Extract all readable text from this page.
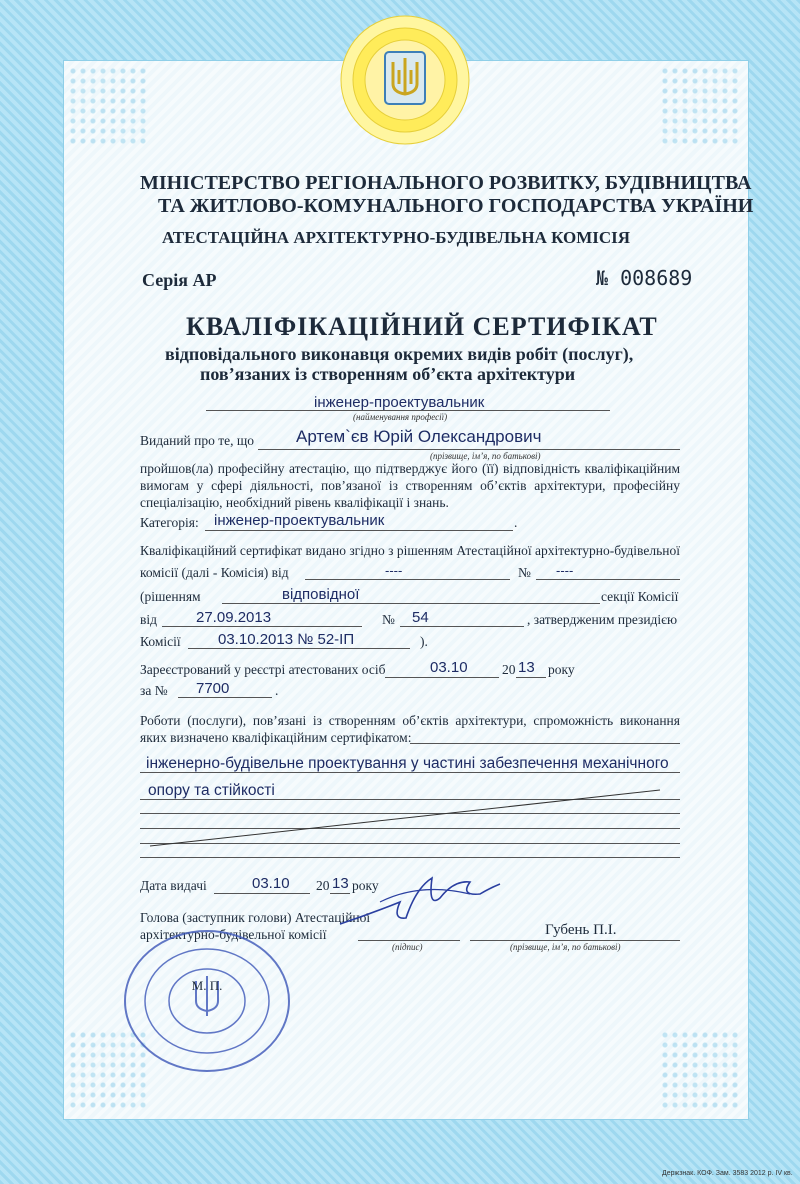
МІНІСТЕРСТВО РЕГІОНАЛЬНОГО РОЗВИТКУ, БУДІВНИЦТВА
ТА ЖИТЛОВО-КОМУНАЛЬНОГО ГОСПОДАРСТВА УКРАЇНИ
АТЕСТАЦІЙНА АРХІТЕКТУРНО-БУДІВЕЛЬНА КОМІСІЯ
Серія АР	№ 008689
КВАЛІФІКАЦІЙНИЙ СЕРТИФІКАТ
відповідального виконавця окремих видів робіт (послуг),
пов’язаних із створенням об’єкта архітектури
інженер-проектувальник
(найменування професії)
Виданий про те, що Артем`єв Юрій Олександрович
(прізвище, ім’я, по батькові)

пройшов(ла) професійну атестацію, що підтверджує його (її) відповідність кваліфікаційним вимогам у сфері діяльності, пов’язаної із створенням об’єктів архітектури, професійну спеціалізацію, необхідний рівень кваліфікації і знань.

Категорія: інженер-проектувальник	.
Кваліфікаційний сертифікат видано згідно з рішенням Атестаційної архітектурно-будівельної
комісії (далі - Комісія) від	----	№ ----
(рішенням	відповідної	секції Комісії
від	27.09.2013	№ 54	, затвердженим президією
Комісії 03.10.2013 № 52-ІП	).
Зареєстрований у реєстрі атестованих осіб	03.10	20 13 року
за № 7700	.

Роботи (послуги), пов’язані із створенням об’єктів архітектури, спроможність виконання яких визначено кваліфікаційним сертифікатом:

інженерно-будівельне проектування у частині забезпечення механічного
опору та стійкості
Дата видачі	03.10 20 13 року
Голова (заступник голови) Атестаційної
архітектурно-будівельної комісії
(підпис)
Губень П.І.
(прізвище, ім’я, по батькові)
М. П.
Держзнак. КОФ. Зам. 3583 2012 р. IV кв.
